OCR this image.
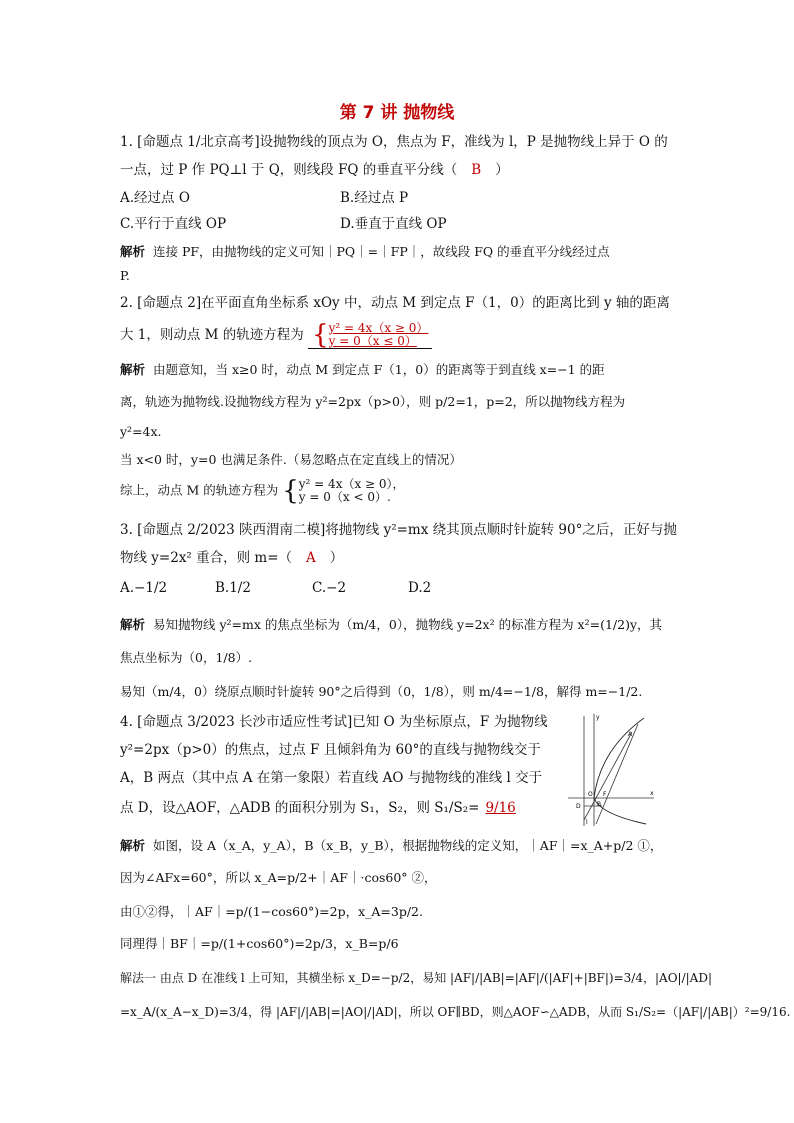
第 7 讲 抛物线
1. [命题点 1/北京高考]设抛物线的顶点为 O，焦点为 F，准线为 l，P 是抛物线上异于 O 的
一点，过 P 作 PQ⊥l 于 Q，则线段 FQ 的垂直平分线（ B ）
A.经过点 O	B.经过点 P
C.平行于直线 OP	D.垂直于直线 OP
解析 连接 PF，由抛物线的定义可知｜PQ｜=｜FP｜，故线段 FQ 的垂直平分线经过点
P.
2. [命题点 2]在平面直角坐标系 xOy 中，动点 M 到定点 F（1，0）的距离比到 y 轴的距离
大 1，则动点 M 的轨迹方程为 { $\frac{\text{y² = 4x（x ≥ 0）}}{y = 0(x \le 0)}$
解析 由题意知，当 x≥0 时，动点 M 到定点 F（1，0）的距离等于到直线 x=−1 的距
离，轨迹为抛物线.设抛物线方程为 y²=2px（p>0），则 p/2=1，p=2，所以抛物线方程为
y²=4x.
当 x<0 时，y=0 也满足条件.（易忽略点在定直线上的情况）
综上，动点 M 的轨迹方程为 { y² = 4x（x ≥ 0），
y = 0（x < 0）.
3. [命题点 2/2023 陕西渭南二模]将抛物线 y²=mx 绕其顶点顺时针旋转 90°之后，正好与抛
物线 y=2x² 重合，则 m=（ A ）
A.−1/2	B.1/2	C.−2	D.2
解析 易知抛物线 y²=mx 的焦点坐标为（m/4，0），抛物线 y=2x² 的标准方程为 x²=(1/2)y，其
焦点坐标为（0，1/8）.
易知（m/4，0）绕原点顺时针旋转 90°之后得到（0，1/8），则 m/4=−1/8，解得 m=−1/2.
4. [命题点 3/2023 长沙市适应性考试]已知 O 为坐标原点，F 为抛物线
y²=2px（p>0）的焦点，过点 F 且倾斜角为 60°的直线与抛物线交于
A，B 两点（其中点 A 在第一象限）若直线 AO 与抛物线的准线 l 交于
点 D，设△AOF，△ADB 的面积分别为 S₁，S₂，则 S₁/S₂= 9/16
A
D	B
O F	x
y
l
解析 如图，设 A（x_A，y_A），B（x_B，y_B），根据抛物线的定义知，｜AF｜=x_A+p/2 ①，
因为∠AFx=60°，所以 x_A=p/2+｜AF｜·cos60° ②，
由①②得，｜AF｜=p/(1−cos60°)=2p，x_A=3p/2.
同理得｜BF｜=p/(1+cos60°)=2p/3，x_B=p/6
解法一 由点 D 在准线 l 上可知，其横坐标 x_D=−p/2，易知 |AF|/|AB|=|AF|/(|AF|+|BF|)=3/4，|AO|/|AD|
=x_A/(x_A−x_D)=3/4，得 |AF|/|AB|=|AO|/|AD|，所以 OF∥BD，则△AOF∽△ADB，从而 S₁/S₂=（|AF|/|AB|）²=9/16.
